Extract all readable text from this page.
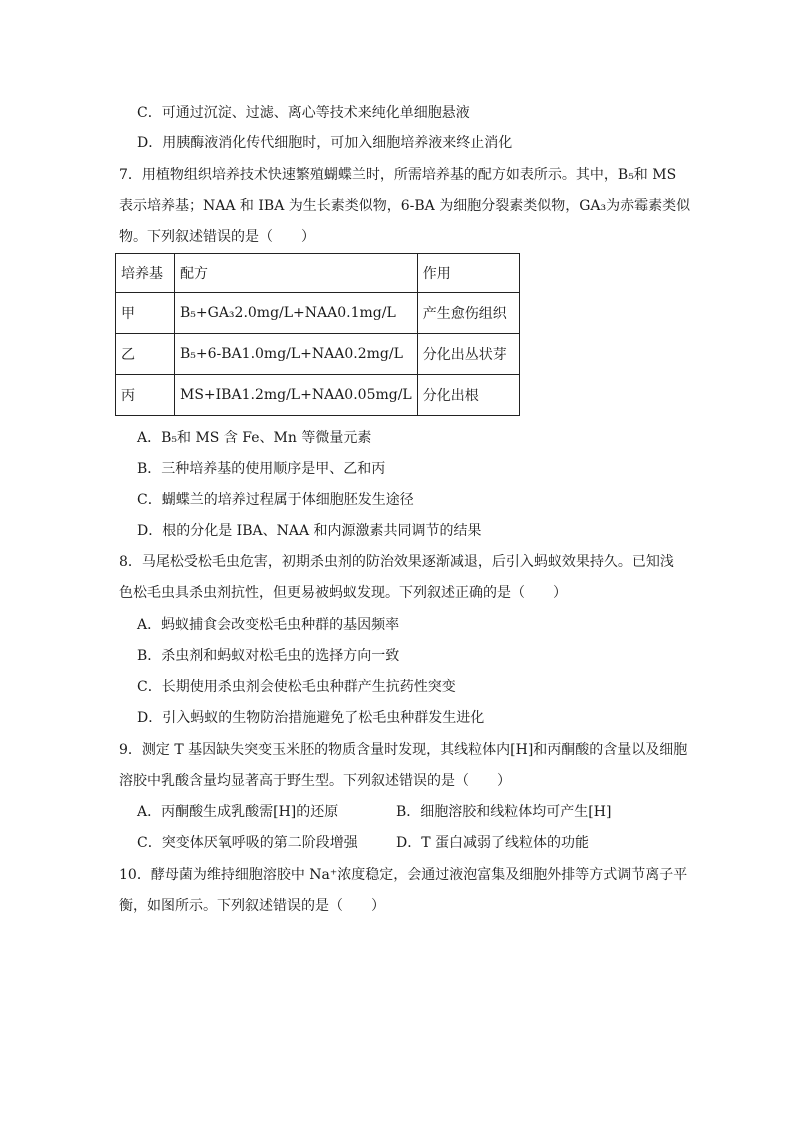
C．可通过沉淀、过滤、离心等技术来纯化单细胞悬液
D．用胰酶液消化传代细胞时，可加入细胞培养液来终止消化
7．用植物组织培养技术快速繁殖蝴蝶兰时，所需培养基的配方如表所示。其中，B₅和 MS
表示培养基；NAA 和 IBA 为生长素类似物，6-BA 为细胞分裂素类似物，GA₃为赤霉素类似
物。下列叙述错误的是（　　）
培养基	配方	作用
甲	B₅+GA₃2.0mg/L+NAA0.1mg/L	产生愈伤组织
乙	B₅+6-BA1.0mg/L+NAA0.2mg/L	分化出丛状芽
丙	MS+IBA1.2mg/L+NAA0.05mg/L	分化出根
A．B₅和 MS 含 Fe、Mn 等微量元素
B．三种培养基的使用顺序是甲、乙和丙
C．蝴蝶兰的培养过程属于体细胞胚发生途径
D．根的分化是 IBA、NAA 和内源激素共同调节的结果
8．马尾松受松毛虫危害，初期杀虫剂的防治效果逐渐减退，后引入蚂蚁效果持久。已知浅
色松毛虫具杀虫剂抗性，但更易被蚂蚁发现。下列叙述正确的是（　　）
A．蚂蚁捕食会改变松毛虫种群的基因频率
B．杀虫剂和蚂蚁对松毛虫的选择方向一致
C．长期使用杀虫剂会使松毛虫种群产生抗药性突变
D．引入蚂蚁的生物防治措施避免了松毛虫种群发生进化
9．测定 T 基因缺失突变玉米胚的物质含量时发现，其线粒体内[H]和丙酮酸的含量以及细胞
溶胶中乳酸含量均显著高于野生型。下列叙述错误的是（　　）
A．丙酮酸生成乳酸需[H]的还原	B．细胞溶胶和线粒体均可产生[H]
C．突变体厌氧呼吸的第二阶段增强	D．T 蛋白减弱了线粒体的功能
10．酵母菌为维持细胞溶胶中 Na⁺浓度稳定，会通过液泡富集及细胞外排等方式调节离子平
衡，如图所示。下列叙述错误的是（　　）
